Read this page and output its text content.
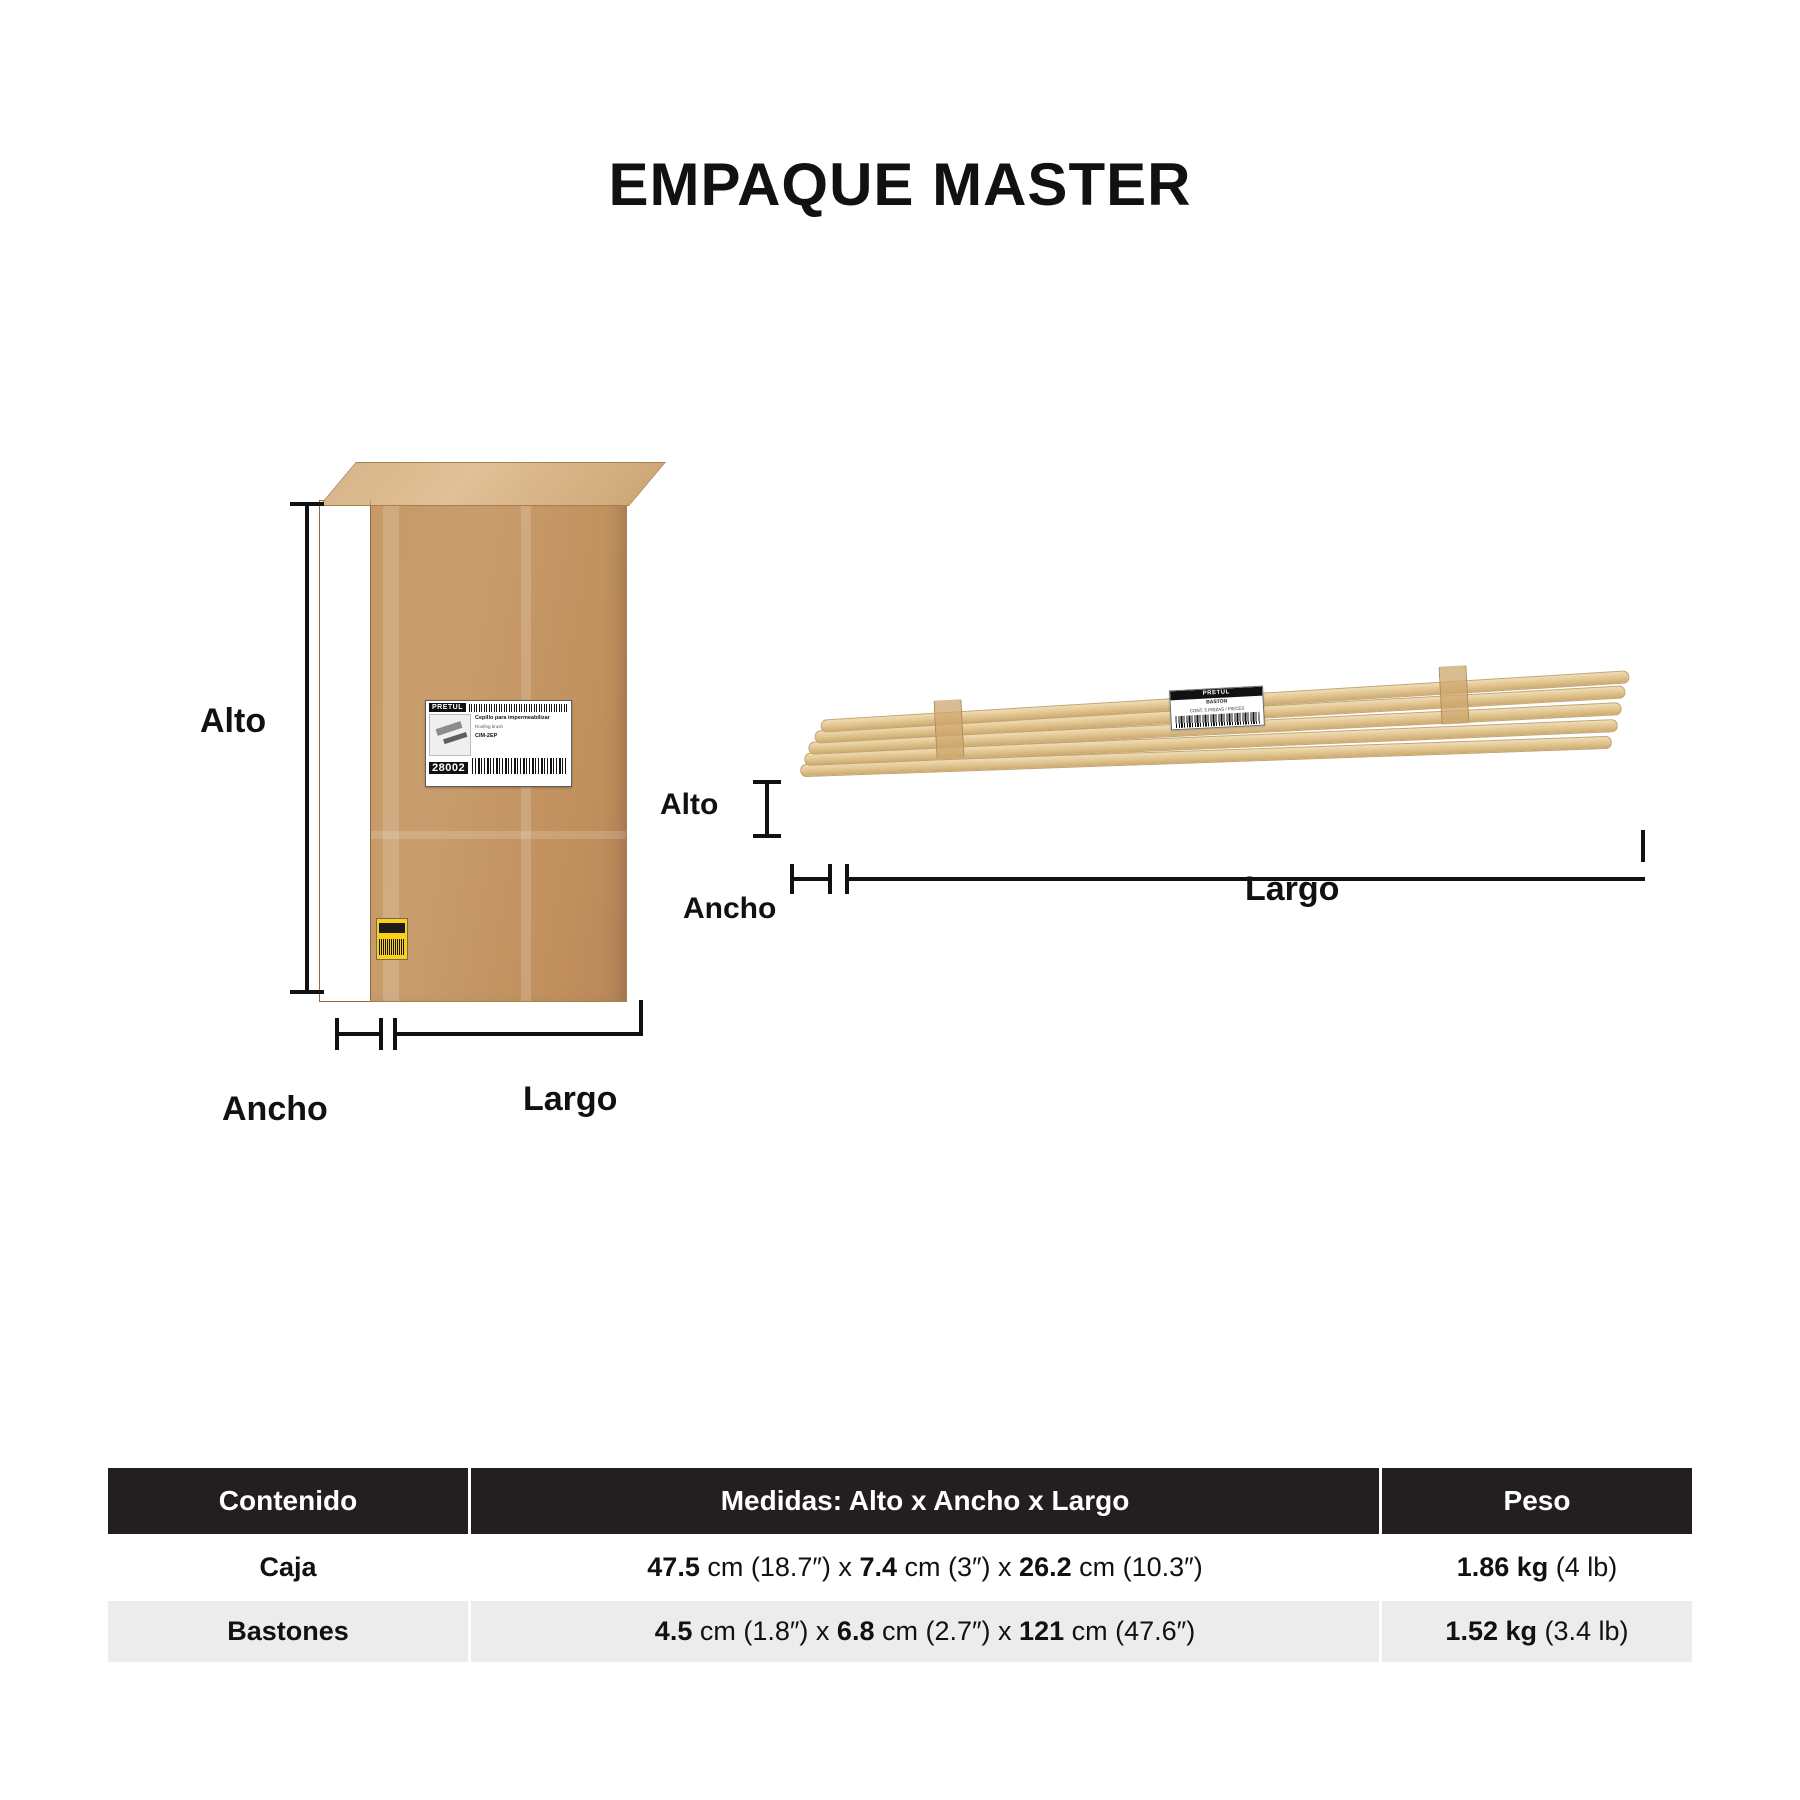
EMPAQUE MASTER
PRETUL
Cepillo para impermeabilizar
Roofing brush
CIM-2EP
28002
Alto
Largo
Ancho
PRETUL
BASTON
CONT. 5 PIEZAS / PIECES
Alto
Ancho
Largo
Contenido	Medidas: Alto x Ancho x Largo	Peso
Caja	47.5 cm (18.7″) x 7.4 cm (3″) x 26.2 cm (10.3″)	1.86 kg (4 lb)
Bastones	4.5 cm (1.8″) x 6.8 cm (2.7″) x 121 cm (47.6″)	1.52 kg (3.4 lb)
